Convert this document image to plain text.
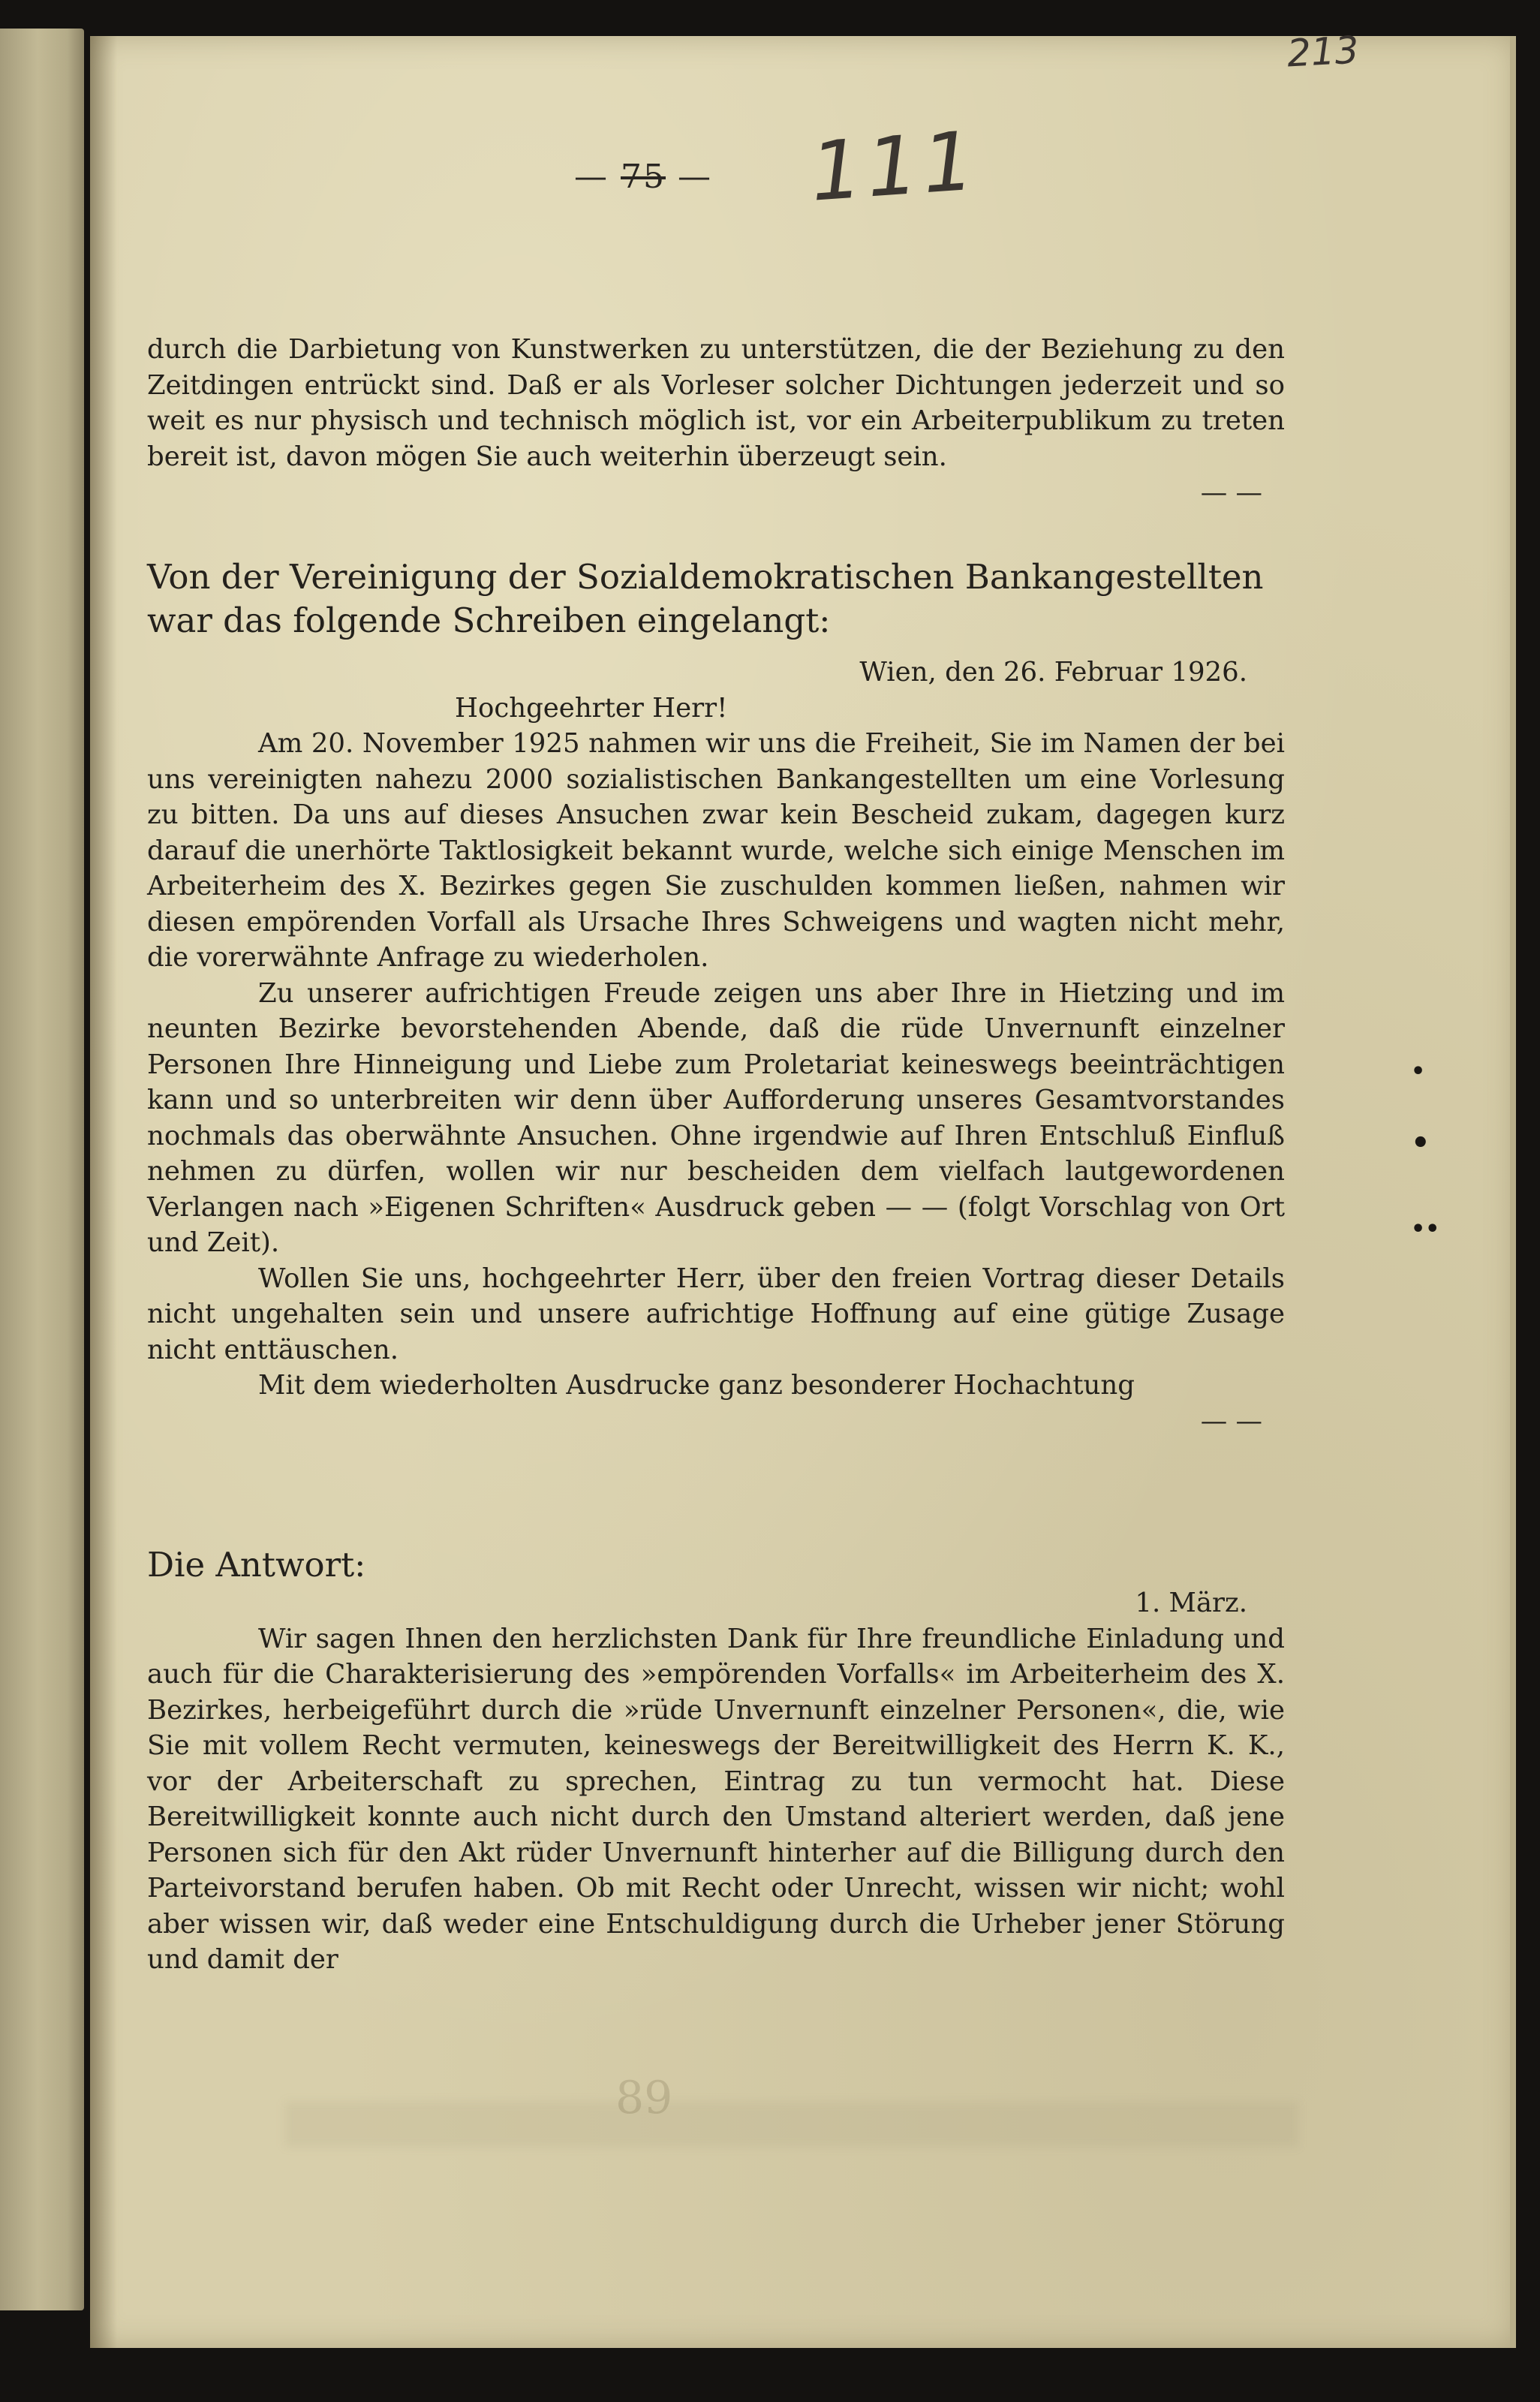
213
— 75 — 111

durch die Darbietung von Kunstwerken zu unterstützen, die der Beziehung zu den Zeitdingen entrückt sind. Daß er als Vorleser solcher Dichtungen jederzeit und so weit es nur physisch und technisch möglich ist, vor ein Arbeiterpublikum zu treten bereit ist, davon mögen Sie auch weiterhin überzeugt sein.

— —

Von der Vereinigung der Sozialdemokratischen Bankangestellten war das folgende Schreiben eingelangt:

Wien, den 26. Februar 1926.

Hochgeehrter Herr!

Am 20. November 1925 nahmen wir uns die Freiheit, Sie im Namen der bei uns vereinigten nahezu 2000 sozialistischen Bankangestellten um eine Vorlesung zu bitten. Da uns auf dieses Ansuchen zwar kein Bescheid zukam, dagegen kurz darauf die unerhörte Taktlosigkeit bekannt wurde, welche sich einige Menschen im Arbeiterheim des X. Bezirkes gegen Sie zuschulden kommen ließen, nahmen wir diesen empörenden Vorfall als Ursache Ihres Schweigens und wagten nicht mehr, die vorerwähnte Anfrage zu wiederholen.

Zu unserer aufrichtigen Freude zeigen uns aber Ihre in Hietzing und im neunten Bezirke bevorstehenden Abende, daß die rüde Unvernunft einzelner Personen Ihre Hinneigung und Liebe zum Proletariat keineswegs beeinträchtigen kann und so unterbreiten wir denn über Aufforderung unseres Gesamtvorstandes nochmals das oberwähnte Ansuchen. Ohne irgendwie auf Ihren Entschluß Einfluß nehmen zu dürfen, wollen wir nur bescheiden dem vielfach lautgewordenen Verlangen nach »Eigenen Schriften« Ausdruck geben — — (folgt Vorschlag von Ort und Zeit).

Wollen Sie uns, hochgeehrter Herr, über den freien Vortrag dieser Details nicht ungehalten sein und unsere aufrichtige Hoffnung auf eine gütige Zusage nicht enttäuschen.

Mit dem wiederholten Ausdrucke ganz besonderer Hochachtung

— —

Die Antwort:

1. März.

Wir sagen Ihnen den herzlichsten Dank für Ihre freundliche Einladung und auch für die Charakterisierung des »empörenden Vorfalls« im Arbeiterheim des X. Bezirkes, herbeigeführt durch die »rüde Unvernunft einzelner Personen«, die, wie Sie mit vollem Recht vermuten, keineswegs der Bereitwilligkeit des Herrn K. K., vor der Arbeiterschaft zu sprechen, Eintrag zu tun vermocht hat. Diese Bereitwilligkeit konnte auch nicht durch den Umstand alteriert werden, daß jene Personen sich für den Akt rüder Unvernunft hinterher auf die Billigung durch den Parteivorstand berufen haben. Ob mit Recht oder Unrecht, wissen wir nicht; wohl aber wissen wir, daß weder eine Entschuldigung durch die Urheber jener Störung und damit der

•
•
••
89
